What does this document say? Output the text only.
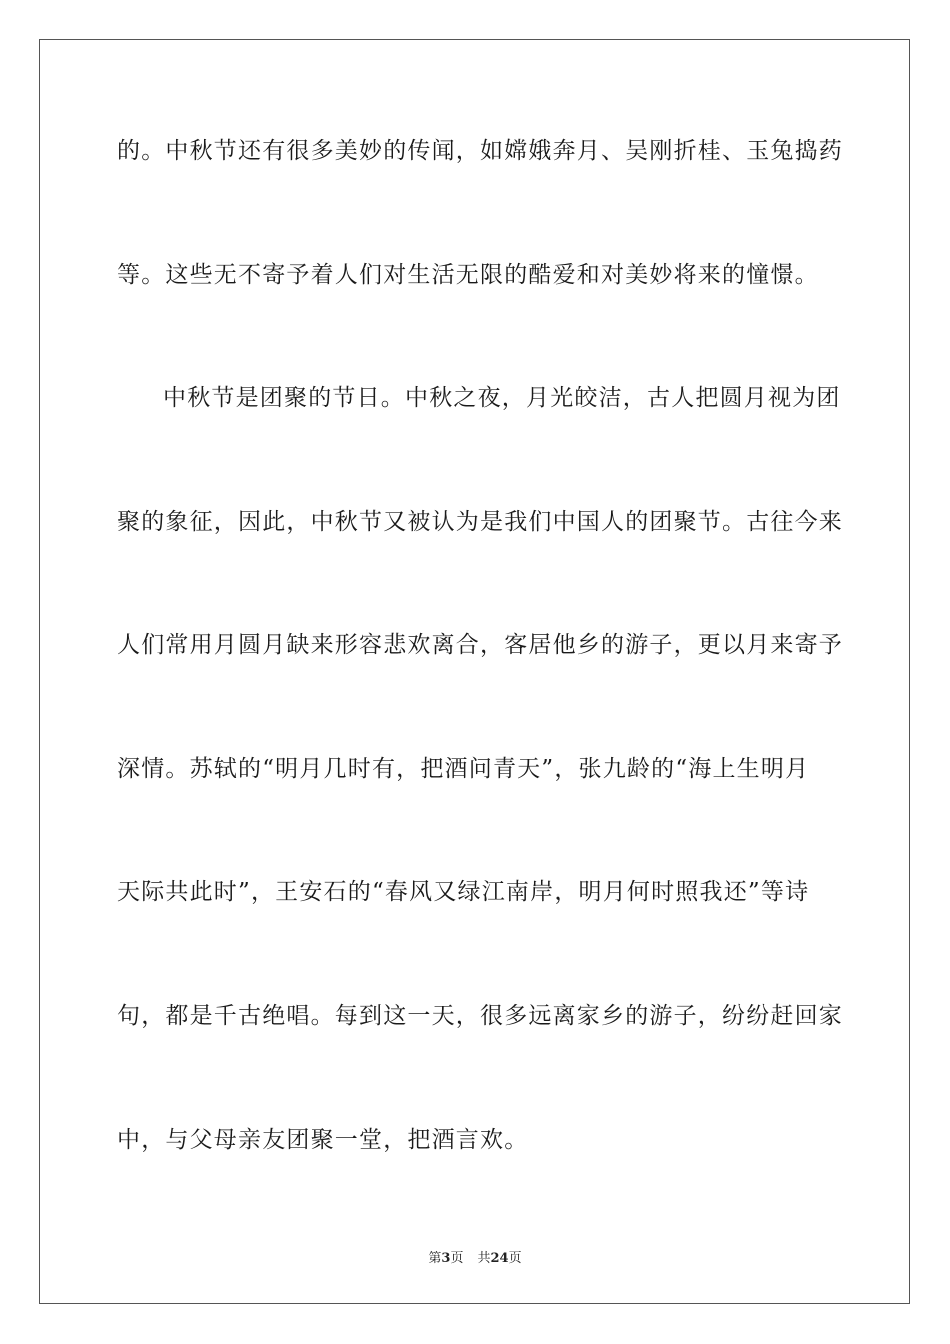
的。中秋节还有很多美妙的传闻，如嫦娥奔月、吴刚折桂、玉兔捣药
等。这些无不寄予着人们对生活无限的酷爱和对美妙将来的憧憬。
中秋节是团聚的节日。中秋之夜，月光皎洁，古人把圆月视为团
聚的象征，因此，中秋节又被认为是我们中国人的团聚节。古往今来
人们常用月圆月缺来形容悲欢离合，客居他乡的游子，更以月来寄予
深情。苏轼的“明月几时有，把酒问青天”，张九龄的“海上生明月
天际共此时”，王安石的“春风又绿江南岸，明月何时照我还”等诗
句，都是千古绝唱。每到这一天，很多远离家乡的游子，纷纷赶回家
中，与父母亲友团聚一堂，把酒言欢。
第3页 共24页
